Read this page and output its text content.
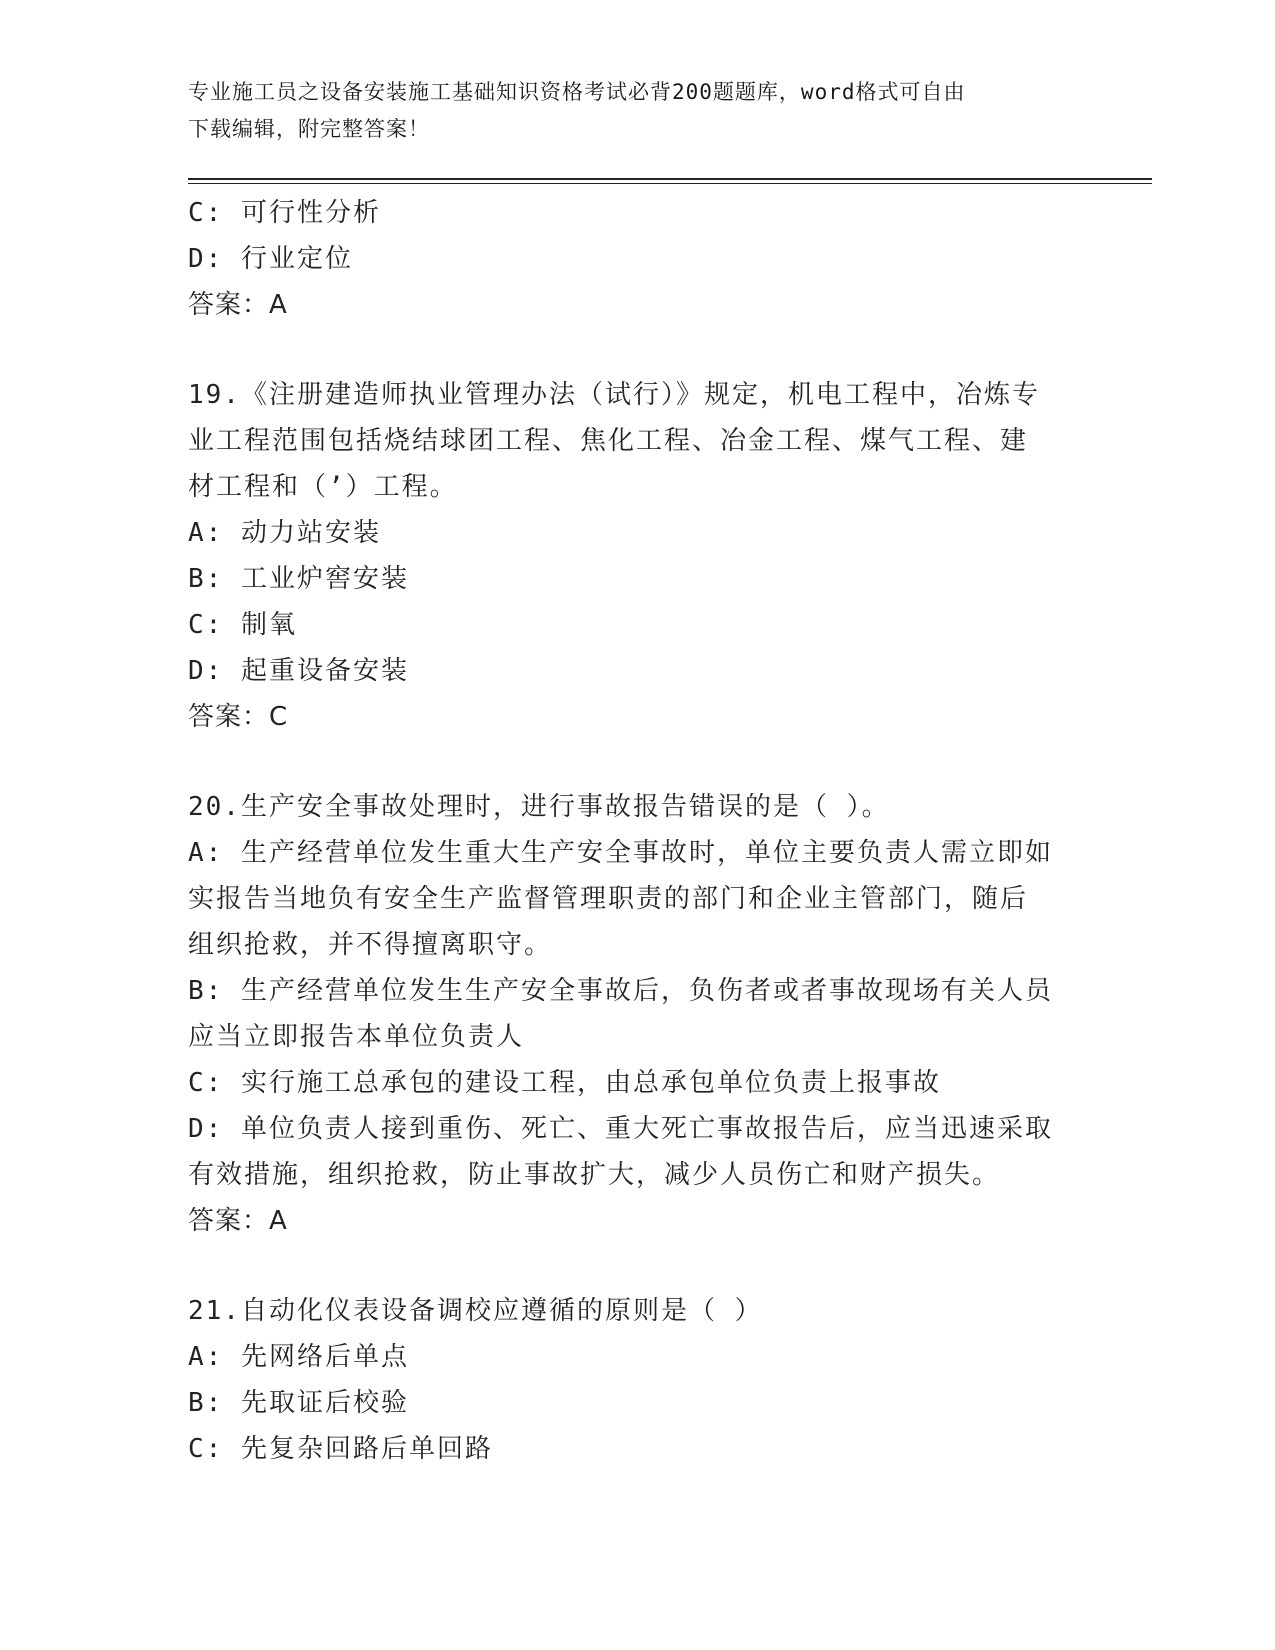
专业施工员之设备安装施工基础知识资格考试必背200题题库，word格式可自由
下载编辑，附完整答案！
C: 可行性分析
D: 行业定位
答案：A
19.《注册建造师执业管理办法（试行）》规定，机电工程中，冶炼专
业工程范围包括烧结球团工程、焦化工程、冶金工程、煤气工程、建
材工程和（’）工程。
A: 动力站安装
B: 工业炉窖安装
C: 制氧
D: 起重设备安装
答案：C
20.生产安全事故处理时，进行事故报告错误的是（ ）。
A: 生产经营单位发生重大生产安全事故时，单位主要负责人需立即如
实报告当地负有安全生产监督管理职责的部门和企业主管部门，随后
组织抢救，并不得擅离职守。
B: 生产经营单位发生生产安全事故后，负伤者或者事故现场有关人员
应当立即报告本单位负责人
C: 实行施工总承包的建设工程，由总承包单位负责上报事故
D: 单位负责人接到重伤、死亡、重大死亡事故报告后，应当迅速采取
有效措施，组织抢救，防止事故扩大，减少人员伤亡和财产损失。
答案：A
21.自动化仪表设备调校应遵循的原则是（ ）
A: 先网络后单点
B: 先取证后校验
C: 先复杂回路后单回路
